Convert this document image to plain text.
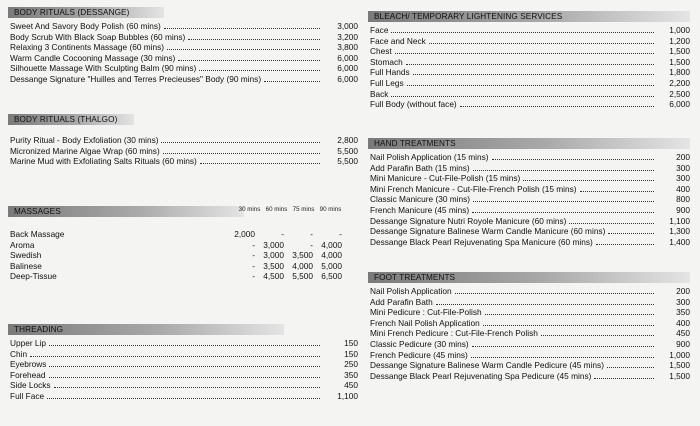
BODY RITUALS (DESSANGE)
Sweet And Savory Body Polish (60 mins)	3,000
Body Scrub With Black Soap Bubbles (60 mins)	3,200
Relaxing 3 Continents Massage (60 mins)	3,800
Warm Candle Cocooning Massage (30 mins)	6,000
Silhouette Massage With Sculpting Balm (90 mins)	6,000
Dessange Signature "Huilles and Terres Precieuses" Body (90 mins)	6,000
BODY RITUALS (THALGO)
Purity Ritual - Body Exfoliation (30 mins)	2,800
Micronized Marine Algae Wrap (60 mins)	5,500
Marine Mud with Exfoliating Salts Rituals (60 mins)	5,500
MASSAGES	30 mins 60 mins 75 mins 90 mins
Back Massage	2,000	-	-	-
Aroma	- 3,000	- 4,000
Swedish	- 3,000 3,500 4,000
Balinese	- 3,500 4,000 5,000
Deep-Tissue	- 4,500 5,500 6,500
THREADING
Upper Lip	150
Chin	150
Eyebrows	250
Forehead	350
Side Locks	450
Full Face	1,100
BLEACH/ TEMPORARY LIGHTENING SERVICES
Face	1,000
Face and Neck	1,200
Chest	1,500
Stomach	1,500
Full Hands	1,800
Full Legs	2,200
Back	2,500
Full Body (without face)	6,000
HAND TREATMENTS
Nail Polish Application (15 mins)	200
Add Parafin Bath (15 mins)	300
Mini Manicure - Cut-File-Polish (15 mins)	300
Mini French Manicure - Cut-File-French Polish (15 mins)	400
Classic Manicure (30 mins)	800
French Manicure (45 mins)	900
Dessange Signature Nutri Royole Manicure (60 mins)	1,100
Dessange Signature Balinese Warm Candle Manicure (60 mins)	1,300
Dessange Black Pearl Rejuvenating Spa Manicure (60 mins)	1,400
FOOT TREATMENTS
Nail Polish Application	200
Add Parafin Bath	300
Mini Pedicure : Cut-File-Polish	350
French Nail Polish Application	400
Mini French Pedicure : Cut-File-French Polish	450
Classic Pedicure (30 mins)	900
French Pedicure (45 mins)	1,000
Dessange Signature Balinese Warm Candle Pedicure (45 mins)	1,500
Dessange Black Pearl Rejuvenating Spa Pedicure (45 mins)	1,500
